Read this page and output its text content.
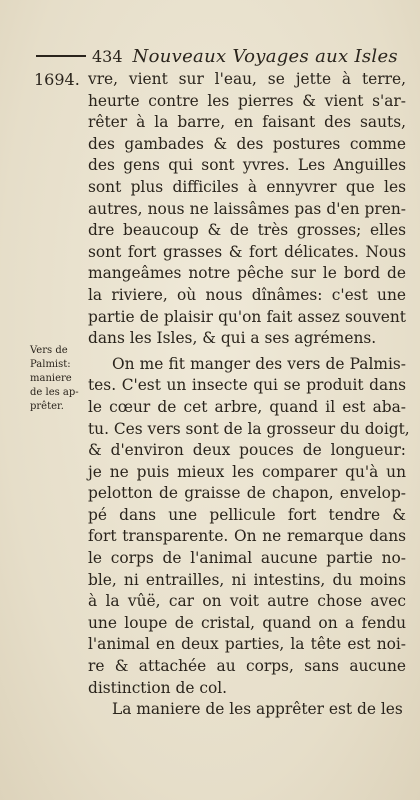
434 Nouveaux Voyages aux Isles
1694.
Vers de
Palmist:
maniere
de les ap-
prêter.
vre, vient sur l'eau, se jette à terre,
heurte contre les pierres & vient s'ar-
rêter à la barre, en faisant des sauts,
des gambades & des postures comme
des gens qui sont yvres. Les Anguilles
sont plus difficiles à ennyvrer que les
autres, nous ne laissâmes pas d'en pren-
dre beaucoup & de très grosses; elles
sont fort grasses & fort délicates. Nous
mangeâmes notre pêche sur le bord de
la riviere, où nous dînâmes: c'est une
partie de plaisir qu'on fait assez souvent
dans les Isles, & qui a ses agrémens.
On me fit manger des vers de Palmis-
tes. C'est un insecte qui se produit dans
le cœur de cet arbre, quand il est aba-
tu. Ces vers sont de la grosseur du doigt,
& d'environ deux pouces de longueur:
je ne puis mieux les comparer qu'à un
pelotton de graisse de chapon, envelop-
pé dans une pellicule fort tendre &
fort transparente. On ne remarque dans
le corps de l'animal aucune partie no-
ble, ni entrailles, ni intestins, du moins
à la vûë, car on voit autre chose avec
une loupe de cristal, quand on a fendu
l'animal en deux parties, la tête est noi-
re & attachée au corps, sans aucune
distinction de col.
La maniere de les apprêter est de les
